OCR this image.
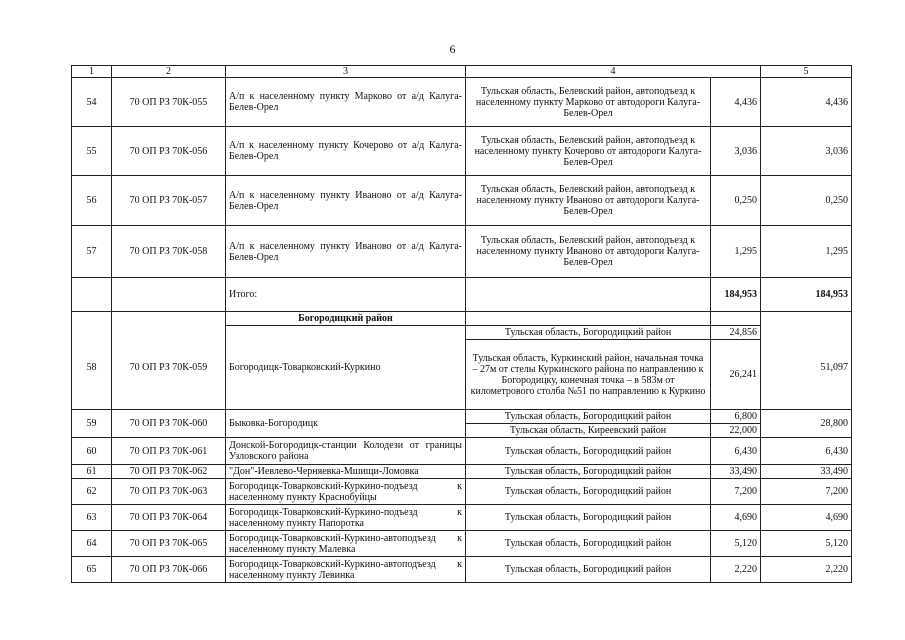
6
1	2	3	4		5
54	70 ОП РЗ 70К-055	А/п к населенному пункту Марково от а/д Калуга-Белев-Орел	Тульская область, Белевский район, автоподъезд к населенному пункту Марково от автодороги Калуга-Белев-Орел	4,436	4,436
55	70 ОП РЗ 70К-056	А/п к населенному пункту Кочерово от а/д Калуга-Белев-Орел	Тульская область, Белевский район, автоподъезд к населенному пункту Кочерово от автодороги Калуга-Белев-Орел	3,036	3,036
56	70 ОП РЗ 70К-057	А/п к населенному пункту Иваново от а/д Калуга-Белев-Орел	Тульская область, Белевский район, автоподъезд к населенному пункту Иваново от автодороги Калуга-Белев-Орел	0,250	0,250
57	70 ОП РЗ 70К-058	А/п к населенному пункту Иваново от а/д Калуга-Белев-Орел	Тульская область, Белевский район, автоподъезд к населенному пункту Иваново от автодороги Калуга-Белев-Орел	1,295	1,295
		Итого:		184,953	184,953
		Богородицкий район			
58	70 ОП РЗ 70К-059	Богородицк-Товарковский-Куркино	Тульская область, Богородицкий район	24,856	51,097
			Тульская область, Куркинский район, начальная точка – 27м от стелы Куркинского района по направлению к Богородицку, конечная точка – в 583м от километрового столба №51 по направлению к Куркино	26,241	
59	70 ОП РЗ 70К-060	Быковка-Богородицк	Тульская область, Богородицкий район	6,800	28,800
			Тульская область, Киреевский район	22,000	
60	70 ОП РЗ 70К-061	Донской-Богородицк-станции Колодези от границы Узловского района	Тульская область, Богородицкий район	6,430	6,430
61	70 ОП РЗ 70К-062	"Дон"-Иевлево-Черняевка-Мшищи-Ломовка	Тульская область, Богородицкий район	33,490	33,490
62	70 ОП РЗ 70К-063	Богородицк-Товарковский-Куркино-подъезд к населенному пункту Краснобуйцы	Тульская область, Богородицкий район	7,200	7,200
63	70 ОП РЗ 70К-064	Богородицк-Товарковский-Куркино-подъезд к населенному пункту Папоротка	Тульская область, Богородицкий район	4,690	4,690
64	70 ОП РЗ 70К-065	Богородицк-Товарковский-Куркино-автоподъезд к населенному пункту Малевка	Тульская область, Богородицкий район	5,120	5,120
65	70 ОП РЗ 70К-066	Богородицк-Товарковский-Куркино-автоподъезд к населенному пункту Левинка	Тульская область, Богородицкий район	2,220	2,220
